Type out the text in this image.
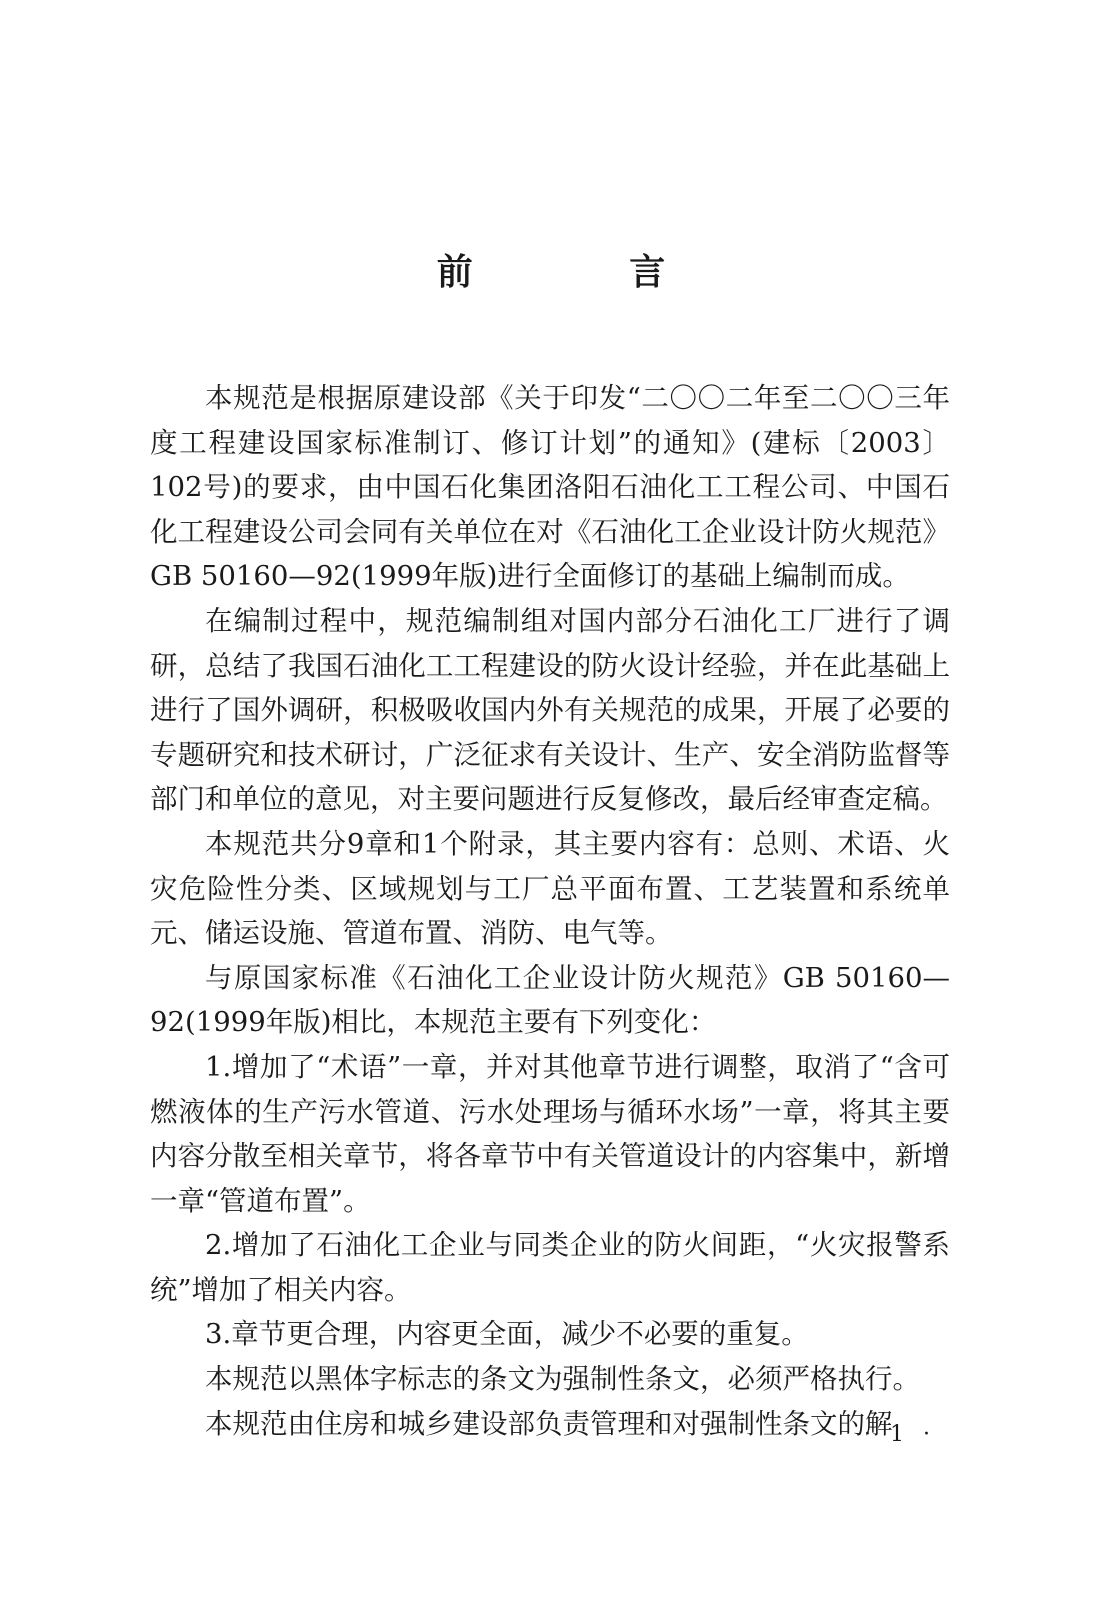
前 言

本规范是根据原建设部《关于印发“二〇〇二年至二〇〇三年度工程建设国家标准制订、修订计划”的通知》(建标〔2003〕102号)的要求，由中国石化集团洛阳石油化工工程公司、中国石化工程建设公司会同有关单位在对《石油化工企业设计防火规范》GB 50160—92(1999年版)进行全面修订的基础上编制而成。

在编制过程中，规范编制组对国内部分石油化工厂进行了调研，总结了我国石油化工工程建设的防火设计经验，并在此基础上进行了国外调研，积极吸收国内外有关规范的成果，开展了必要的专题研究和技术研讨，广泛征求有关设计、生产、安全消防监督等部门和单位的意见，对主要问题进行反复修改，最后经审查定稿。

本规范共分9章和1个附录，其主要内容有：总则、术语、火灾危险性分类、区域规划与工厂总平面布置、工艺装置和系统单元、储运设施、管道布置、消防、电气等。

与原国家标准《石油化工企业设计防火规范》GB 50160—92(1999年版)相比，本规范主要有下列变化：

1.增加了“术语”一章，并对其他章节进行调整，取消了“含可燃液体的生产污水管道、污水处理场与循环水场”一章，将其主要内容分散至相关章节，将各章节中有关管道设计的内容集中，新增一章“管道布置”。

2.增加了石油化工企业与同类企业的防火间距，“火灾报警系统”增加了相关内容。

3.章节更合理，内容更全面，减少不必要的重复。

本规范以黑体字标志的条文为强制性条文，必须严格执行。

本规范由住房和城乡建设部负责管理和对强制性条文的解

· 1 ·
